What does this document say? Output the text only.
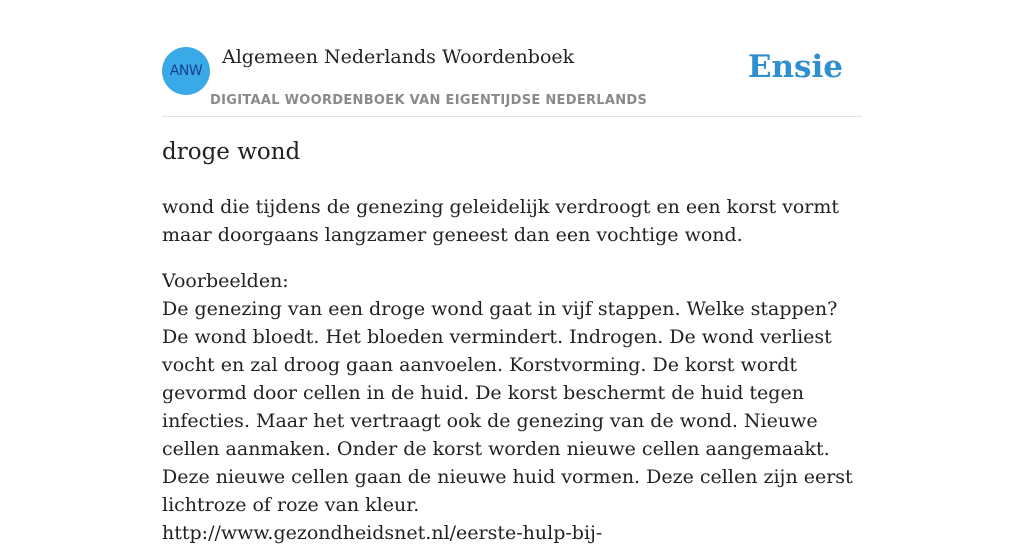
ANW
Algemeen Nederlands Woordenboek
DIGITAAL WOORDENBOEK VAN EIGENTIJDSE NEDERLANDS
Ensie
droge wond

wond die tijdens de genezing geleidelijk verdroogt en een korst vormt maar doorgaans langzamer geneest dan een vochtige wond.

Voorbeelden:

De genezing van een droge wond gaat in vijf stappen. Welke stappen? De wond bloedt. Het bloeden vermindert. Indrogen. De wond verliest vocht en zal droog gaan aanvoelen. Korstvorming. De korst wordt gevormd door cellen in de huid. De korst beschermt de huid tegen infecties. Maar het vertraagt ook de genezing van de wond. Nieuwe cellen aanmaken. Onder de korst worden nieuwe cellen aangemaakt. Deze nieuwe cellen gaan de nieuwe huid vormen. Deze cellen zijn eerst lichtroze of roze van kleur.

http://www.gezondheidsnet.nl/eerste-hulp-bij-
